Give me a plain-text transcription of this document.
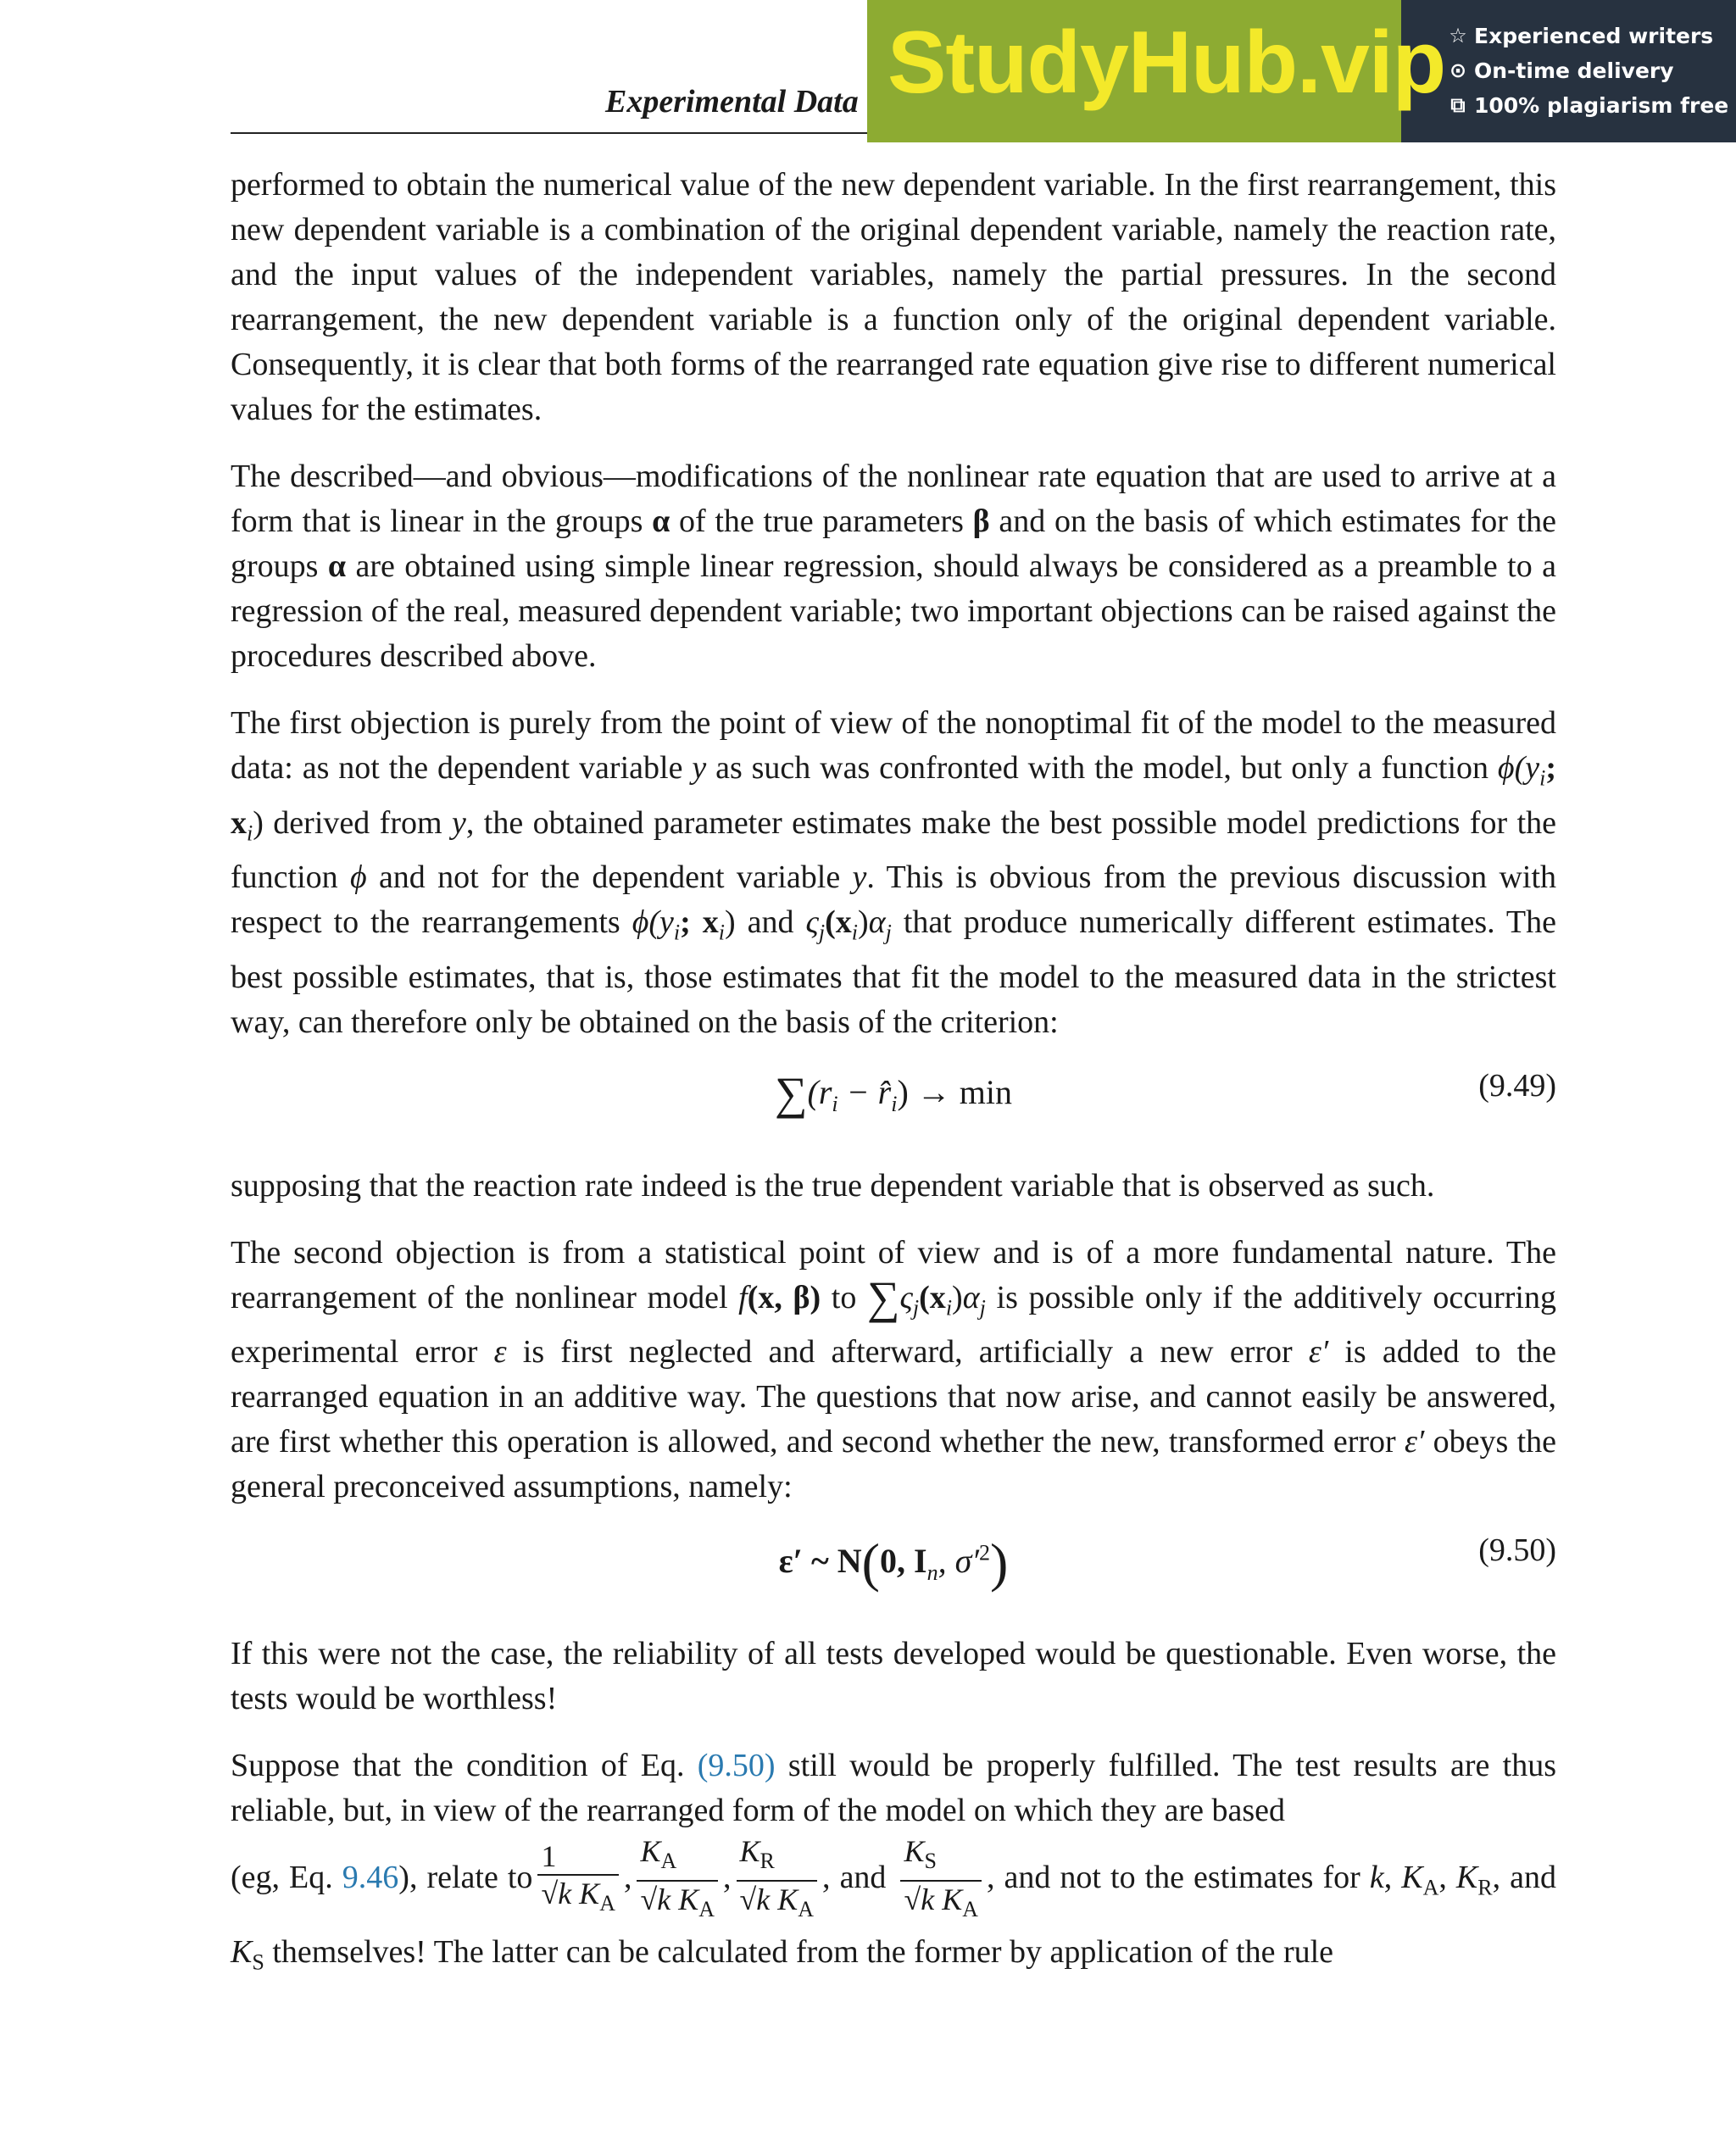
Experimental Data StudyHub.vip ☆ Experienced writers
⊙ On-time delivery
⧉ 100% plagiarism free

performed to obtain the numerical value of the new dependent variable. In the first rearrangement, this new dependent variable is a combination of the original dependent variable, namely the reaction rate, and the input values of the independent variables, namely the partial pressures. In the second rearrangement, the new dependent variable is a function only of the original dependent variable. Consequently, it is clear that both forms of the rearranged rate equation give rise to different numerical values for the estimates.

The described—and obvious—modifications of the nonlinear rate equation that are used to arrive at a form that is linear in the groups α of the true parameters β and on the basis of which estimates for the groups α are obtained using simple linear regression, should always be considered as a preamble to a regression of the real, measured dependent variable; two important objections can be raised against the procedures described above.

The first objection is purely from the point of view of the nonoptimal fit of the model to the measured data: as not the dependent variable y as such was confronted with the model, but only a function $\phi(y_i$; $x_i$) derived from y, the obtained parameter estimates make the best possible model predictions for the function ϕ and not for the dependent variable y. This is obvious from the previous discussion with respect to the rearrangements $\phi(y_i$; $x_i$) and $\varsigma_j(x_i)\alpha_j$ that produce numerically different estimates. The best possible estimates, that is, those estimates that fit the model to the measured data in the strictest way, can therefore only be obtained on the basis of the criterion:

$\sum(r_i$ − $r̂_i) \to \min$	(9.49)

supposing that the reaction rate indeed is the true dependent variable that is observed as such.

The second objection is from a statistical point of view and is of a more fundamental nature. The rearrangement of the nonlinear model f(x, β) to $\sum\varsigma_j(x_i)\alpha_j$ is possible only if the additively occurring experimental error ε is first neglected and afterward, artificially a new error ε′ is added to the rearranged equation in an additive way. The questions that now arise, and cannot easily be answered, are first whether this operation is allowed, and second whether the new, transformed error ε′ obeys the general preconceived assumptions, namely:

ε′ ~ N(0, $I_n$, $\sigma'^2$)	(9.50)

If this were not the case, the reliability of all tests developed would be questionable. Even worse, the tests would be worthless!

Suppose that the condition of Eq. (9.50) still would be properly fulfilled. The test results are thus reliable, but, in view of the rearranged form of the model on which they are based

(eg, Eq. 9.46), relate to $\frac{1}{√k K_A}$ , $\frac{K_A}{√k K_A}$ , $\frac{K_R}{√k K_A}$ , and $\frac{K_S}{√k K_A}$ , and not to the estimates for k, $K_A$, $K_R$, and $K_S$ themselves! The latter can be calculated from the former by application of the rule
